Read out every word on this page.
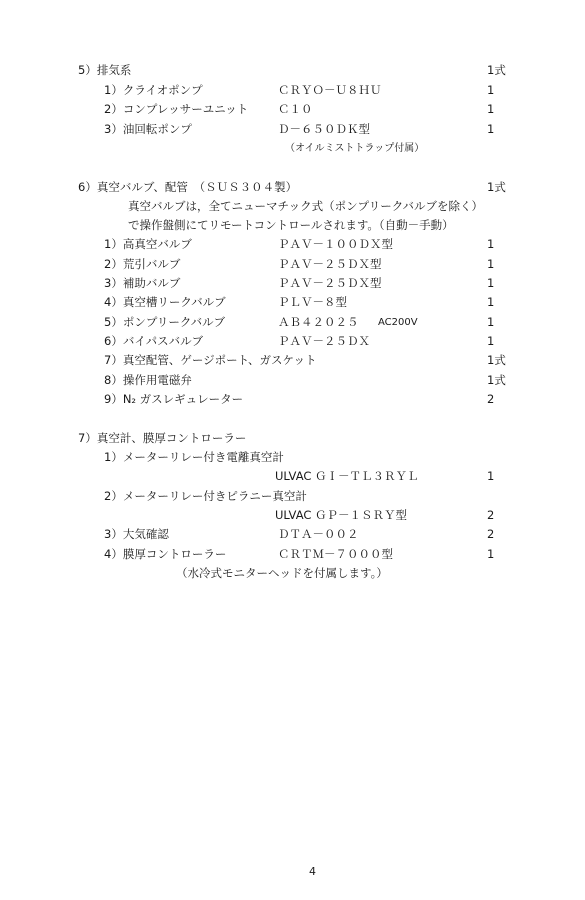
5）排気系	1式
1）クライオポンプ	ＣＲＹＯ－Ｕ８ＨＵ	1
2）コンプレッサーユニット	Ｃ１０	1
3）油回転ポンプ	Ｄ－６５０ＤＫ型	1
（オイルミストトラップ付属）
6）真空バルブ、配管　（ＳＵＳ３０４製）	1式
真空バルブは，全てニューマチック式（ポンプリークバルブを除く）
で操作盤側にてリモートコントロールされます。（自動－手動）
1）高真空バルブ	ＰＡＶ－１００ＤＸ型	1
2）荒引バルブ	ＰＡＶ－２５ＤＸ型	1
3）補助バルブ	ＰＡＶ－２５ＤＸ型	1
4）真空槽リークバルブ	ＰＬＶ－８型	1
5）ポンプリークバルブ	ＡＢ４２０２５ AC200V	1
6）バイパスバルブ	ＰＡＶ－２５ＤＸ	1
7）真空配管、ゲージポート、ガスケット	1式
8）操作用電磁弁	1式
9）N₂ ガスレギュレーター	2
7）真空計、膜厚コントローラー
1）メーターリレー付き電離真空計
ULVAC ＧＩ－ＴＬ３ＲＹＬ	1
2）メーターリレー付きピラニー真空計
ULVAC ＧＰ－１ＳＲＹ型	2
3）大気確認	ＤＴＡ－００２	2
4）膜厚コントローラー	ＣＲＴＭ－７０００型	1
（水冷式モニターヘッドを付属します。）
4
